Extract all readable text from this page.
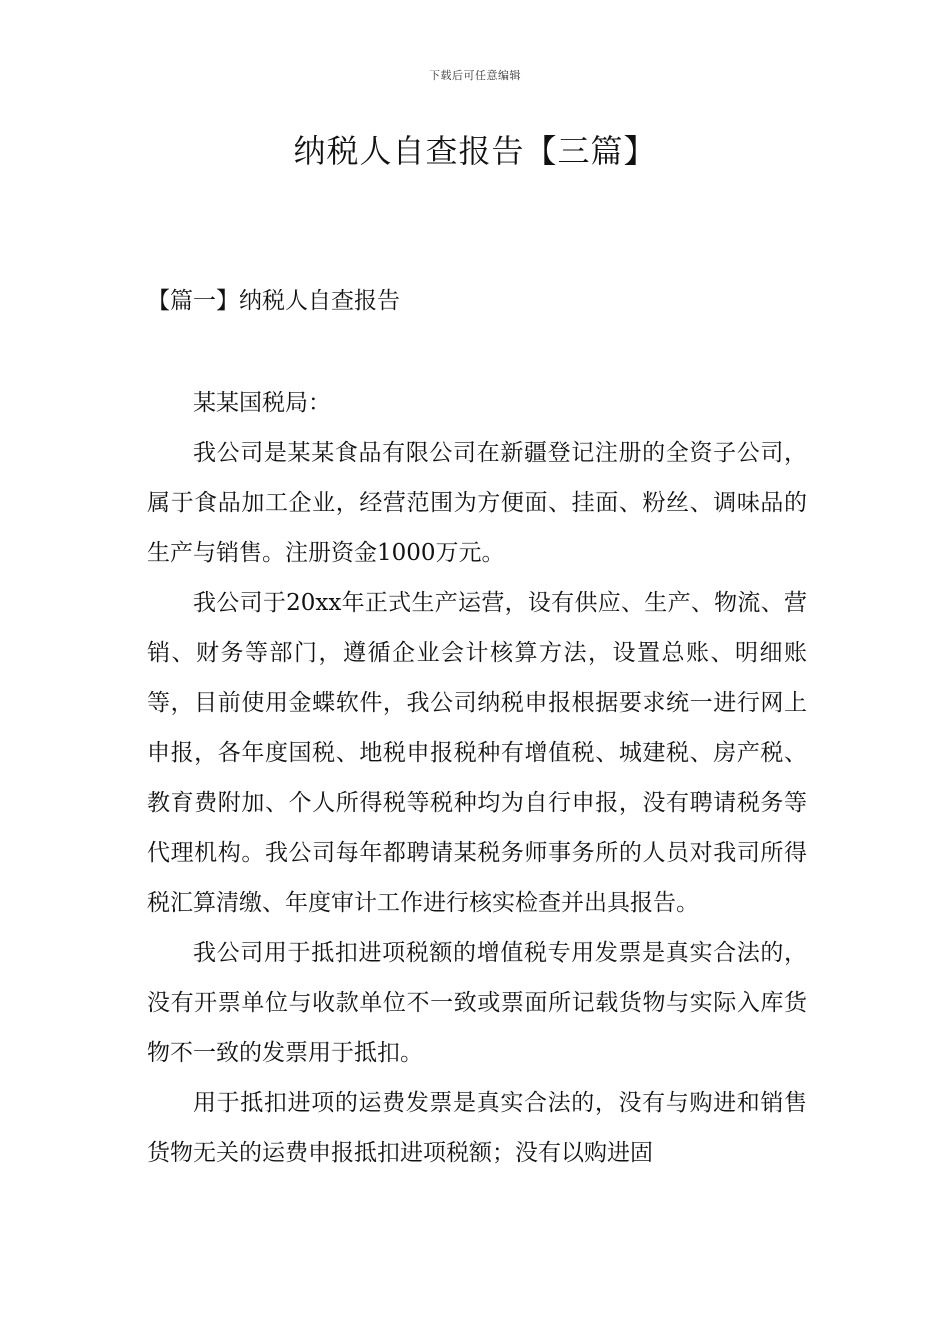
下载后可任意编辑
纳税人自查报告【三篇】
【篇一】纳税人自查报告

某某国税局：

我公司是某某食品有限公司在新疆登记注册的全资子公司，属于食品加工企业，经营范围为方便面、挂面、粉丝、调味品的生产与销售。注册资金1000万元。

我公司于20xx年正式生产运营，设有供应、生产、物流、营销、财务等部门，遵循企业会计核算方法，设置总账、明细账等，目前使用金蝶软件，我公司纳税申报根据要求统一进行网上申报，各年度国税、地税申报税种有增值税、城建税、房产税、教育费附加、个人所得税等税种均为自行申报，没有聘请税务等代理机构。我公司每年都聘请某税务师事务所的人员对我司所得税汇算清缴、年度审计工作进行核实检查并出具报告。

我公司用于抵扣进项税额的增值税专用发票是真实合法的，没有开票单位与收款单位不一致或票面所记载货物与实际入库货物不一致的发票用于抵扣。

用于抵扣进项的运费发票是真实合法的，没有与购进和销售货物无关的运费申报抵扣进项税额；没有以购进固
